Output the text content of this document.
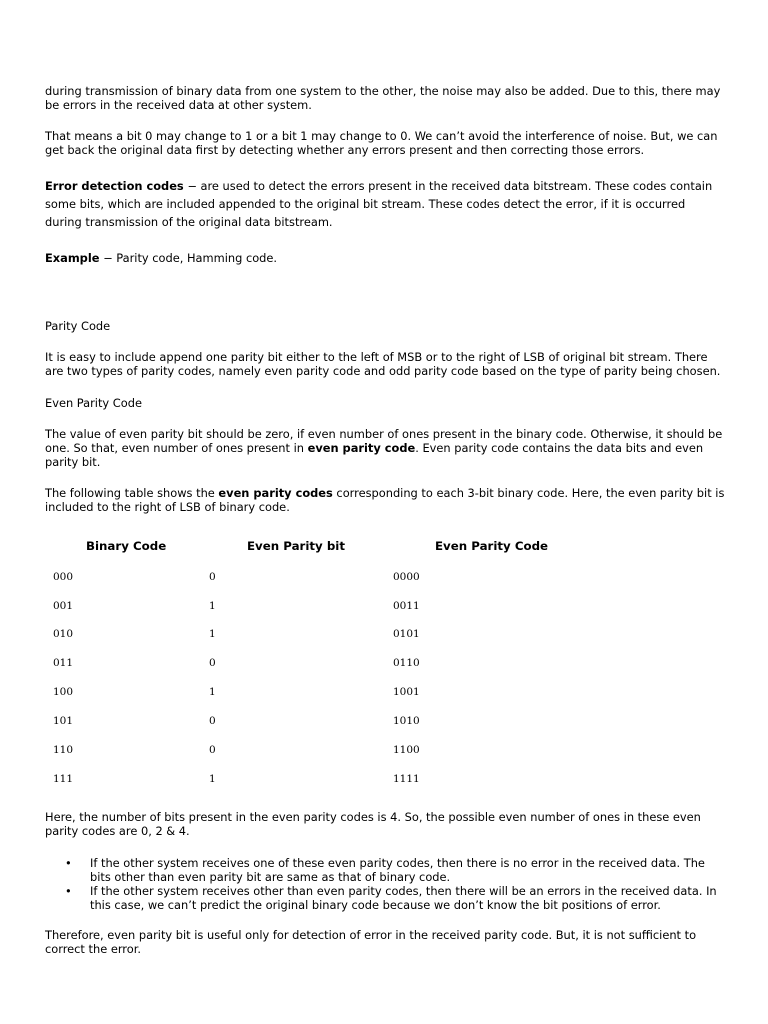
during transmission of binary data from one system to the other, the noise may also be added. Due to this, there may be errors in the received data at other system.

That means a bit 0 may change to 1 or a bit 1 may change to 0. We can’t avoid the interference of noise. But, we can get back the original data first by detecting whether any errors present and then correcting those errors.

Error detection codes − are used to detect the errors present in the received data bitstream. These codes contain some bits, which are included appended to the original bit stream. These codes detect the error, if it is occurred during transmission of the original data bitstream.

Example − Parity code, Hamming code.

Parity Code

It is easy to include append one parity bit either to the left of MSB or to the right of LSB of original bit stream. There are two types of parity codes, namely even parity code and odd parity code based on the type of parity being chosen.

Even Parity Code

The value of even parity bit should be zero, if even number of ones present in the binary code. Otherwise, it should be one. So that, even number of ones present in even parity code. Even parity code contains the data bits and even parity bit.

The following table shows the even parity codes corresponding to each 3-bit binary code. Here, the even parity bit is included to the right of LSB of binary code.

Binary Code	Even Parity bit	Even Parity Code
000	0	0000
001	1	0011
010	1	0101
011	0	0110
100	1	1001
101	0	1010
110	0	1100
111	1	1111

Here, the number of bits present in the even parity codes is 4. So, the possible even number of ones in these even parity codes are 0, 2 & 4.

• If the other system receives one of these even parity codes, then there is no error in the received data. The bits other than even parity bit are same as that of binary code.
• If the other system receives other than even parity codes, then there will be an errors in the received data. In this case, we can’t predict the original binary code because we don’t know the bit positions of error.

Therefore, even parity bit is useful only for detection of error in the received parity code. But, it is not sufficient to correct the error.
